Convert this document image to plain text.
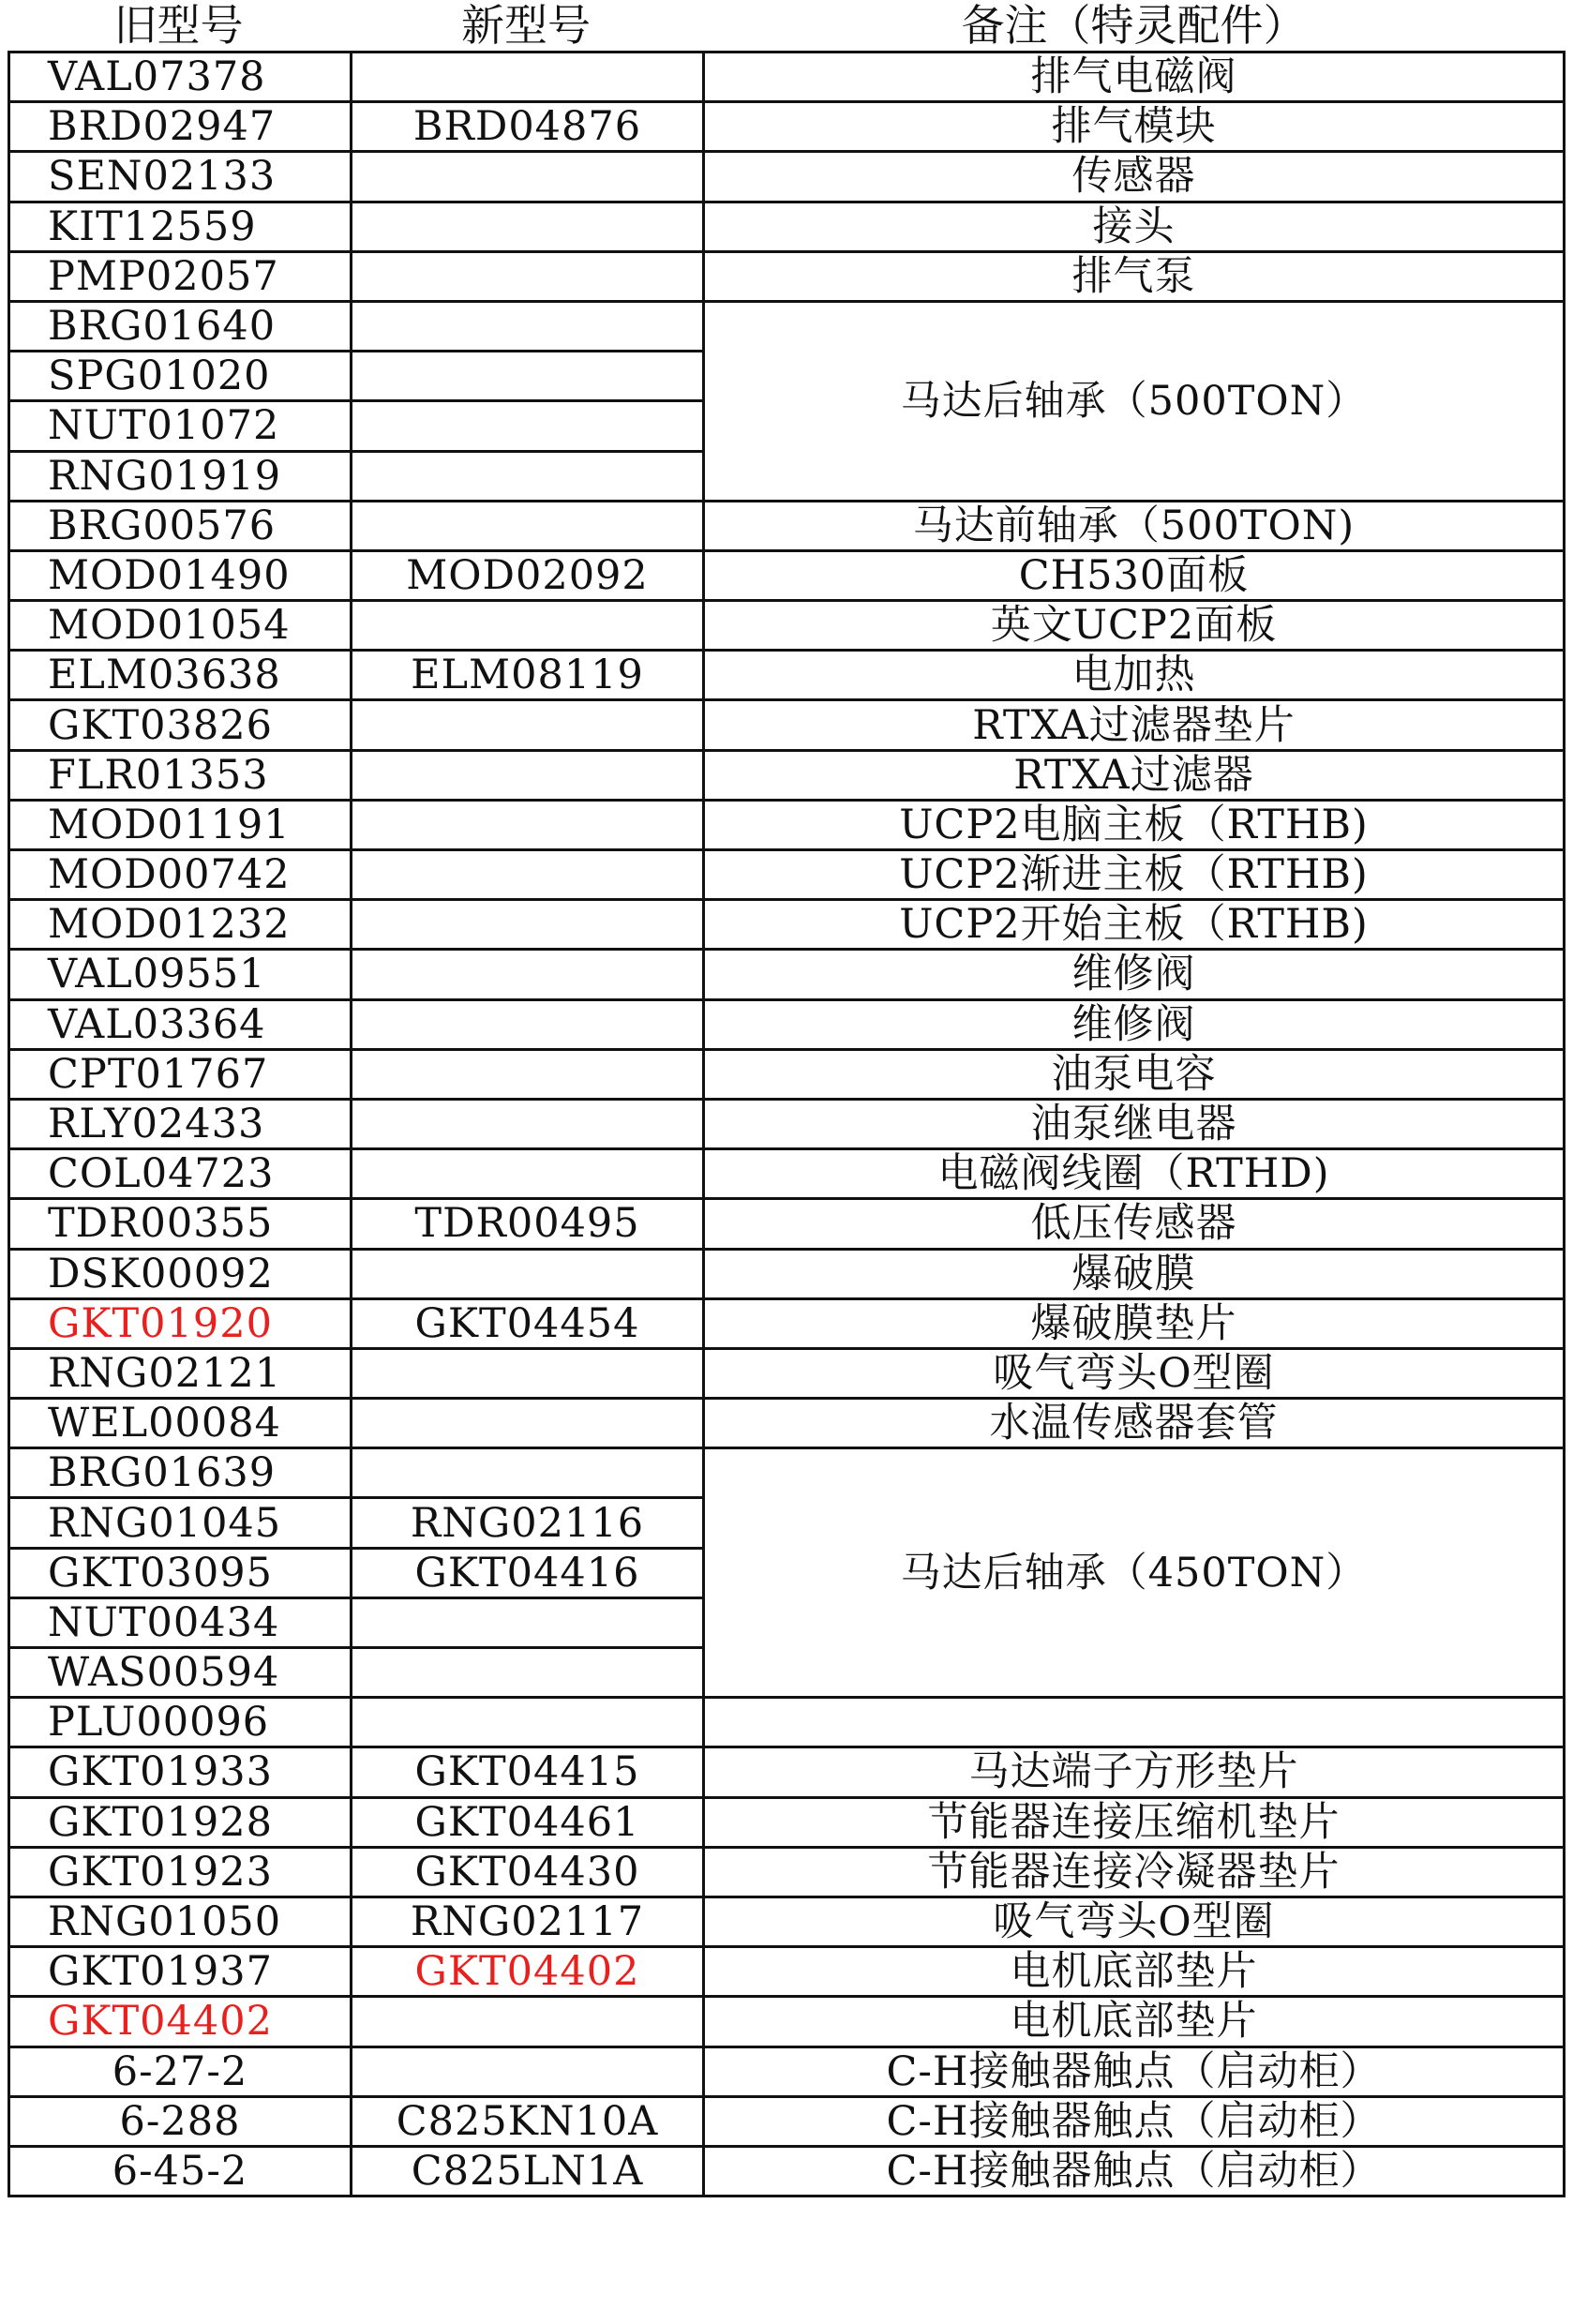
旧型号	新型号	备注（特灵配件）
VAL07378		排气电磁阀
BRD02947	BRD04876	排气模块
SEN02133		传感器
KIT12559		接头
PMP02057		排气泵
BRG01640		马达后轴承（500TON）
SPG01020		
NUT01072		
RNG01919		
BRG00576		马达前轴承（500TON)
MOD01490	MOD02092	CH530面板
MOD01054		英文UCP2面板
ELM03638	ELM08119	电加热
GKT03826		RTXA过滤器垫片
FLR01353		RTXA过滤器
MOD01191		UCP2电脑主板（RTHB)
MOD00742		UCP2渐进主板（RTHB)
MOD01232		UCP2开始主板（RTHB)
VAL09551		维修阀
VAL03364		维修阀
CPT01767		油泵电容
RLY02433		油泵继电器
COL04723		电磁阀线圈（RTHD)
TDR00355	TDR00495	低压传感器
DSK00092		爆破膜
GKT01920	GKT04454	爆破膜垫片
RNG02121		吸气弯头O型圈
WEL00084		水温传感器套管
BRG01639		马达后轴承（450TON）
RNG01045	RNG02116	
GKT03095	GKT04416	
NUT00434		
WAS00594		
PLU00096		
GKT01933	GKT04415	马达端子方形垫片
GKT01928	GKT04461	节能器连接压缩机垫片
GKT01923	GKT04430	节能器连接冷凝器垫片
RNG01050	RNG02117	吸气弯头O型圈
GKT01937	GKT04402	电机底部垫片
GKT04402		电机底部垫片
6-27-2		C-H接触器触点（启动柜）
6-288	C825KN10A	C-H接触器触点（启动柜）
6-45-2	C825LN1A	C-H接触器触点（启动柜）
